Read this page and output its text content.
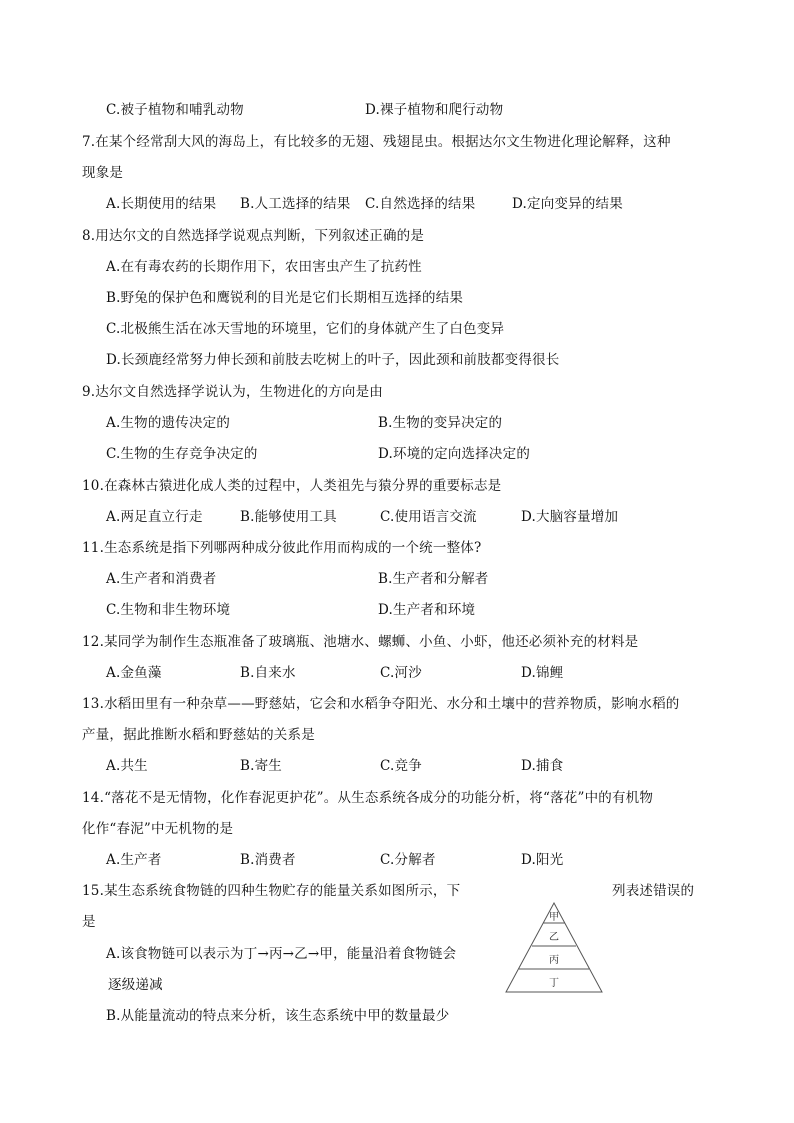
C.被子植物和哺乳动物	D.裸子植物和爬行动物
7.在某个经常刮大风的海岛上，有比较多的无翅、残翅昆虫。根据达尔文生物进化理论解释，这种
现象是
A.长期使用的结果 B.人工选择的结果 C.自然选择的结果	D.定向变异的结果
8.用达尔文的自然选择学说观点判断，下列叙述正确的是
A.在有毒农药的长期作用下，农田害虫产生了抗药性
B.野兔的保护色和鹰锐利的目光是它们长期相互选择的结果
C.北极熊生活在冰天雪地的环境里，它们的身体就产生了白色变异
D.长颈鹿经常努力伸长颈和前肢去吃树上的叶子，因此颈和前肢都变得很长
9.达尔文自然选择学说认为，生物进化的方向是由
A.生物的遗传决定的	B.生物的变异决定的
C.生物的生存竞争决定的	D.环境的定向选择决定的
10.在森林古猿进化成人类的过程中，人类祖先与猿分界的重要标志是
A.两足直立行走	B.能够使用工具	C.使用语言交流	D.大脑容量增加
11.生态系统是指下列哪两种成分彼此作用而构成的一个统一整体?
A.生产者和消费者	B.生产者和分解者
C.生物和非生物环境	D.生产者和环境
12.某同学为制作生态瓶准备了玻璃瓶、池塘水、螺蛳、小鱼、小虾，他还必须补充的材料是
A.金鱼藻	B.自来水	C.河沙	D.锦鲤
13.水稻田里有一种杂草——野慈姑，它会和水稻争夺阳光、水分和土壤中的营养物质，影响水稻的
产量，据此推断水稻和野慈姑的关系是
A.共生	B.寄生	C.竞争	D.捕食
14.“落花不是无情物，化作春泥更护花”。从生态系统各成分的功能分析，将“落花”中的有机物
化作“春泥”中无机物的是
A.生产者	B.消费者	C.分解者	D.阳光
15.某生态系统食物链的四种生物贮存的能量关系如图所示，下	列表述错误的
是
A.该食物链可以表示为丁→丙→乙→甲，能量沿着食物链会
逐级递减
B.从能量流动的特点来分析，该生态系统中甲的数量最少
甲
乙
丙
丁
